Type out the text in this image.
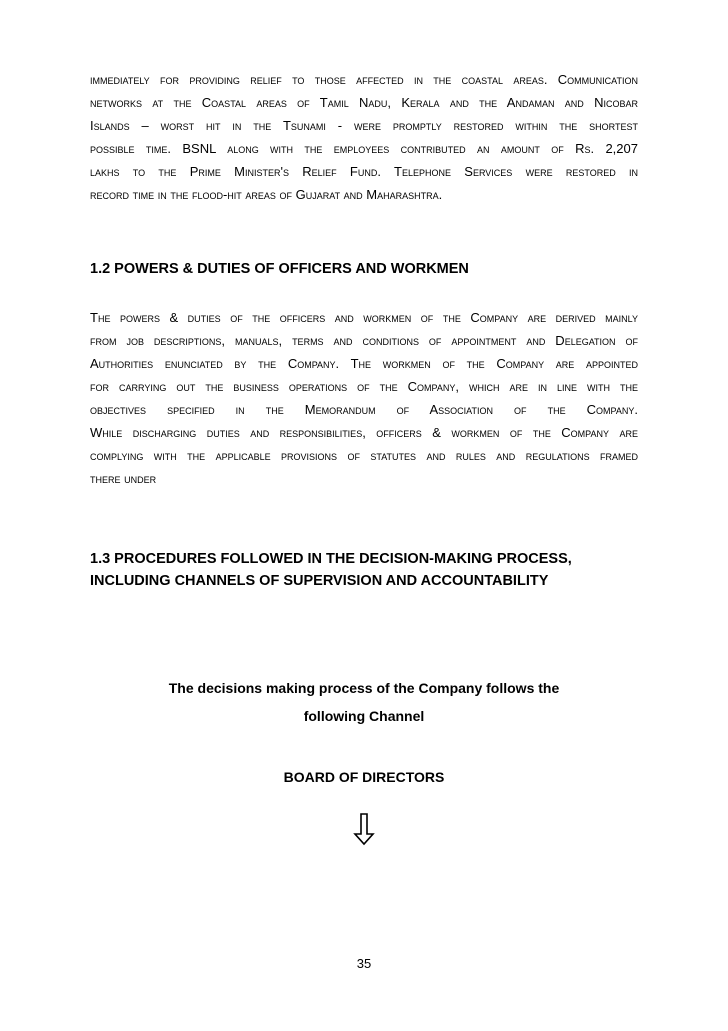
immediately for providing relief to those affected in the coastal areas. Communication
networks at the Coastal areas of Tamil Nadu, Kerala and the Andaman and Nicobar
Islands – worst hit in the Tsunami - were promptly restored within the shortest
possible time. BSNL along with the employees contributed an amount of Rs. 2,207
lakhs to the Prime Minister's Relief Fund. Telephone Services were restored in
record time in the flood-hit areas of Gujarat and Maharashtra.
1.2 POWERS & DUTIES OF OFFICERS AND WORKMEN
The powers & duties of the officers and workmen of the Company are derived mainly
from job descriptions, manuals, terms and conditions of appointment and Delegation of
Authorities enunciated by the Company. The workmen of the Company are appointed
for carrying out the business operations of the Company, which are in line with the
objectives specified in the Memorandum of Association of the Company.
While discharging duties and responsibilities, officers & workmen of the Company are
complying with the applicable provisions of statutes and rules and regulations framed
there under
1.3 PROCEDURES FOLLOWED IN THE DECISION-MAKING PROCESS,
INCLUDING CHANNELS OF SUPERVISION AND ACCOUNTABILITY
The decisions making process of the Company follows the
following Channel
BOARD OF DIRECTORS
35
